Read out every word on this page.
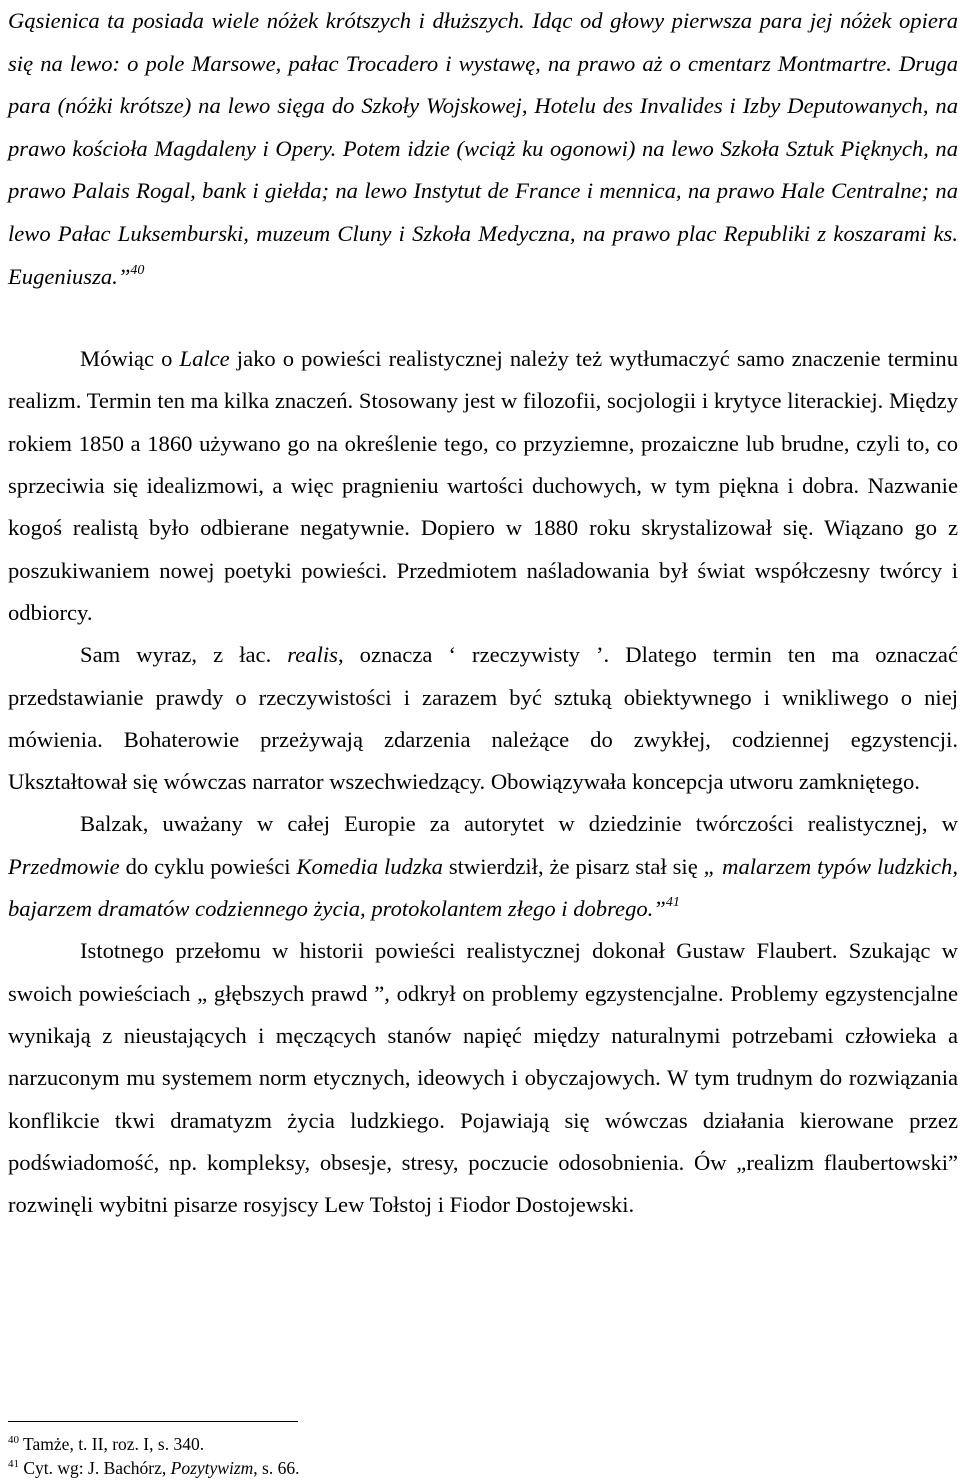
Gąsienica ta posiada wiele nóżek krótszych i dłuższych. Idąc od głowy pierwsza para jej nóżek opiera się na lewo: o pole Marsowe, pałac Trocadero i wystawę, na prawo aż o cmentarz Montmartre. Druga para (nóżki krótsze) na lewo sięga do Szkoły Wojskowej, Hotelu des Invalides i Izby Deputowanych, na prawo kościoła Magdaleny i Opery. Potem idzie (wciąż ku ogonowi) na lewo Szkoła Sztuk Pięknych, na prawo Palais Rogal, bank i giełda; na lewo Instytut de France i mennica, na prawo Hale Centralne; na lewo Pałac Luksemburski, muzeum Cluny i Szkoła Medyczna, na prawo plac Republiki z koszarami ks. Eugeniusza.”$^{40}$

Mówiąc o Lalce jako o powieści realistycznej należy też wytłumaczyć samo znaczenie terminu realizm. Termin ten ma kilka znaczeń. Stosowany jest w filozofii, socjologii i krytyce literackiej. Między rokiem 1850 a 1860 używano go na określenie tego, co przyziemne, prozaiczne lub brudne, czyli to, co sprzeciwia się idealizmowi, a więc pragnieniu wartości duchowych, w tym piękna i dobra. Nazwanie kogoś realistą było odbierane negatywnie. Dopiero w 1880 roku skrystalizował się. Wiązano go z poszukiwaniem nowej poetyki powieści. Przedmiotem naśladowania był świat współczesny twórcy i odbiorcy.

Sam wyraz, z łac. realis, oznacza ‘ rzeczywisty ’. Dlatego termin ten ma oznaczać przedstawianie prawdy o rzeczywistości i zarazem być sztuką obiektywnego i wnikliwego o niej mówienia. Bohaterowie przeżywają zdarzenia należące do zwykłej, codziennej egzystencji. Ukształtował się wówczas narrator wszechwiedzący. Obowiązywała koncepcja utworu zamkniętego.

Balzak, uważany w całej Europie za autorytet w dziedzinie twórczości realistycznej, w Przedmowie do cyklu powieści Komedia ludzka stwierdził, że pisarz stał się „ malarzem typów ludzkich, bajarzem dramatów codziennego życia, protokolantem złego i dobrego.”$^{41}$

Istotnego przełomu w historii powieści realistycznej dokonał Gustaw Flaubert. Szukając w swoich powieściach „ głębszych prawd ”, odkrył on problemy egzystencjalne. Problemy egzystencjalne wynikają z nieustających i męczących stanów napięć między naturalnymi potrzebami człowieka a narzuconym mu systemem norm etycznych, ideowych i obyczajowych. W tym trudnym do rozwiązania konflikcie tkwi dramatyzm życia ludzkiego. Pojawiają się wówczas działania kierowane przez podświadomość, np. kompleksy, obsesje, stresy, poczucie odosobnienia. Ów „realizm flaubertowski” rozwinęli wybitni pisarze rosyjscy Lew Tołstoj i Fiodor Dostojewski.

$^{40}$ Tamże, t. II, roz. I, s. 340.
$^{41}$ Cyt. wg: J. Bachórz, Pozytywizm, s. 66.
